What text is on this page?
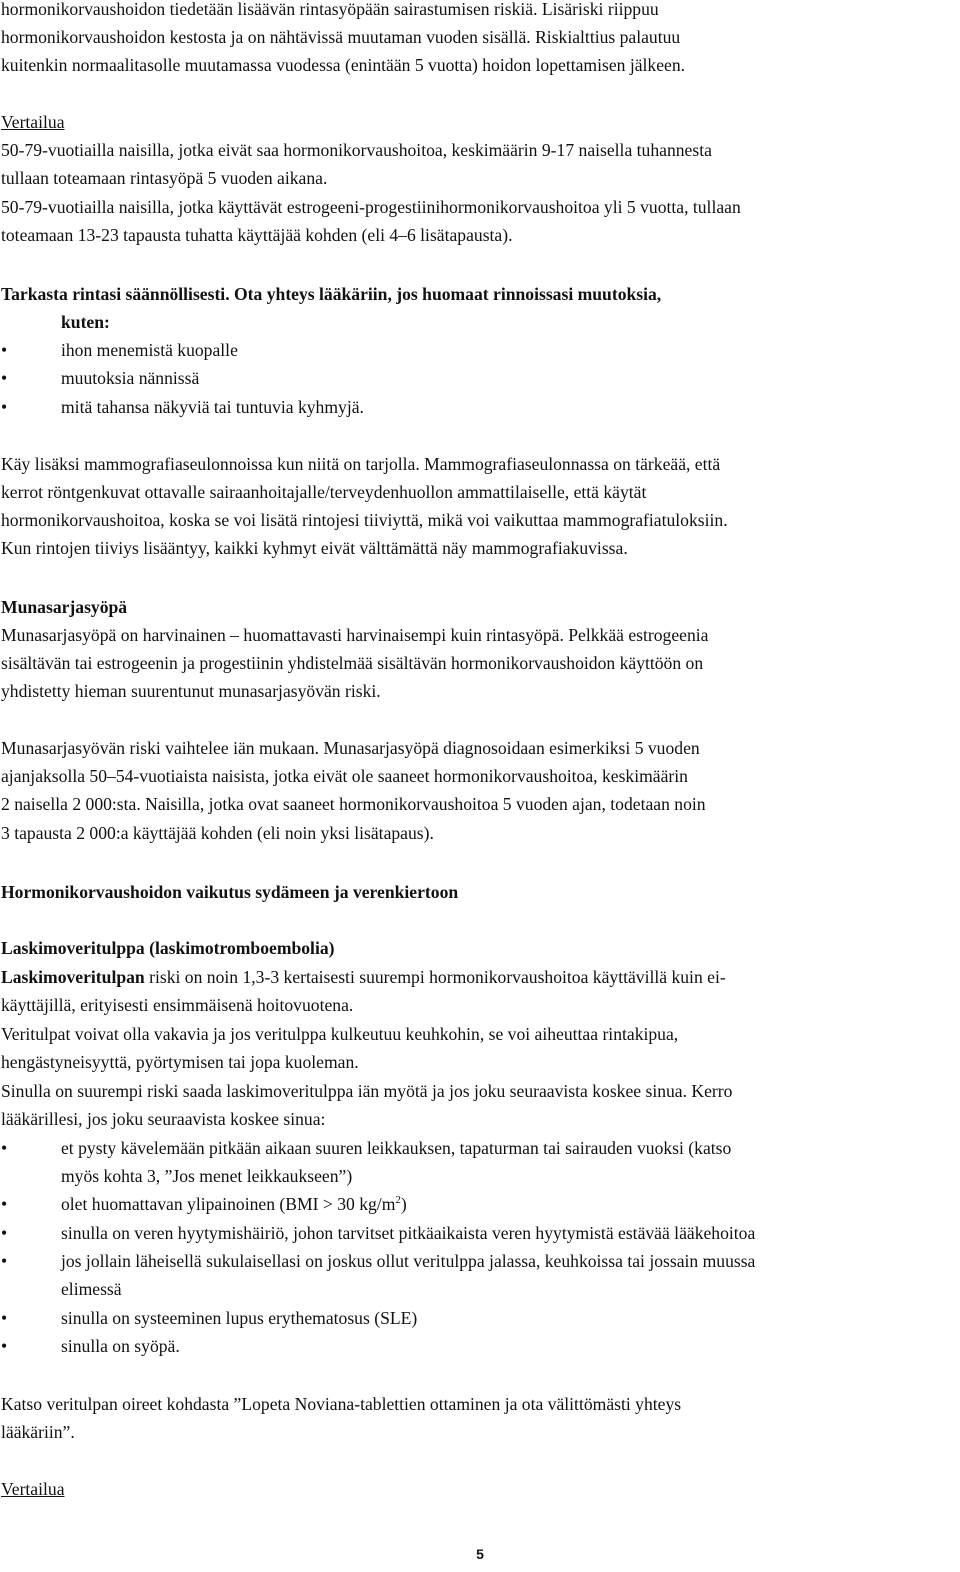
hormonikorvaushoidon tiedetään lisäävän rintasyöpään sairastumisen riskiä. Lisäriski riippuu
hormonikorvaushoidon kestosta ja on nähtävissä muutaman vuoden sisällä. Riskialttius palautuu
kuitenkin normaalitasolle muutamassa vuodessa (enintään 5 vuotta) hoidon lopettamisen jälkeen.
Vertailua
50-79-vuotiailla naisilla, jotka eivät saa hormonikorvaushoitoa, keskimäärin 9-17 naisella tuhannesta
tullaan toteamaan rintasyöpä 5 vuoden aikana.
50-79-vuotiailla naisilla, jotka käyttävät estrogeeni-progestiinihormonikorvaushoitoa yli 5 vuotta, tullaan
toteamaan 13-23 tapausta tuhatta käyttäjää kohden (eli 4–6 lisätapausta).
Tarkasta rintasi säännöllisesti. Ota yhteys lääkäriin, jos huomaat rinnoissasi muutoksia,
kuten:
•	ihon menemistä kuopalle
•	muutoksia nännissä
•	mitä tahansa näkyviä tai tuntuvia kyhmyjä.
Käy lisäksi mammografiaseulonnoissa kun niitä on tarjolla. Mammografiaseulonnassa on tärkeää, että
kerrot röntgenkuvat ottavalle sairaanhoitajalle/terveydenhuollon ammattilaiselle, että käytät
hormonikorvaushoitoa, koska se voi lisätä rintojesi tiiviyttä, mikä voi vaikuttaa mammografiatuloksiin.
Kun rintojen tiiviys lisääntyy, kaikki kyhmyt eivät välttämättä näy mammografiakuvissa.
Munasarjasyöpä
Munasarjasyöpä on harvinainen – huomattavasti harvinaisempi kuin rintasyöpä. Pelkkää estrogeenia
sisältävän tai estrogeenin ja progestiinin yhdistelmää sisältävän hormonikorvaushoidon käyttöön on
yhdistetty hieman suurentunut munasarjasyövän riski.
Munasarjasyövän riski vaihtelee iän mukaan. Munasarjasyöpä diagnosoidaan esimerkiksi 5 vuoden
ajanjaksolla 50–54-vuotiaista naisista, jotka eivät ole saaneet hormonikorvaushoitoa, keskimäärin
2 naisella 2 000:sta. Naisilla, jotka ovat saaneet hormonikorvaushoitoa 5 vuoden ajan, todetaan noin
3 tapausta 2 000:a käyttäjää kohden (eli noin yksi lisätapaus).
Hormonikorvaushoidon vaikutus sydämeen ja verenkiertoon
Laskimoveritulppa (laskimotromboembolia)
Laskimoveritulpan riski on noin 1,3-3 kertaisesti suurempi hormonikorvaushoitoa käyttävillä kuin ei-
käyttäjillä, erityisesti ensimmäisenä hoitovuotena.
Veritulpat voivat olla vakavia ja jos veritulppa kulkeutuu keuhkohin, se voi aiheuttaa rintakipua,
hengästyneisyyttä, pyörtymisen tai jopa kuoleman.
Sinulla on suurempi riski saada laskimoveritulppa iän myötä ja jos joku seuraavista koskee sinua. Kerro
lääkärillesi, jos joku seuraavista koskee sinua:
•	et pysty kävelemään pitkään aikaan suuren leikkauksen, tapaturman tai sairauden vuoksi (katso
myös kohta 3, ”Jos menet leikkaukseen”)
•	olet huomattavan ylipainoinen (BMI > 30 $kg/m^2$)
•	sinulla on veren hyytymishäiriö, johon tarvitset pitkäaikaista veren hyytymistä estävää lääkehoitoa
•	jos jollain läheisellä sukulaisellasi on joskus ollut veritulppa jalassa, keuhkoissa tai jossain muussa
elimessä
•	sinulla on systeeminen lupus erythematosus (SLE)
•	sinulla on syöpä.
Katso veritulpan oireet kohdasta ”Lopeta Noviana-tablettien ottaminen ja ota välittömästi yhteys
lääkäriin”.
Vertailua
5
